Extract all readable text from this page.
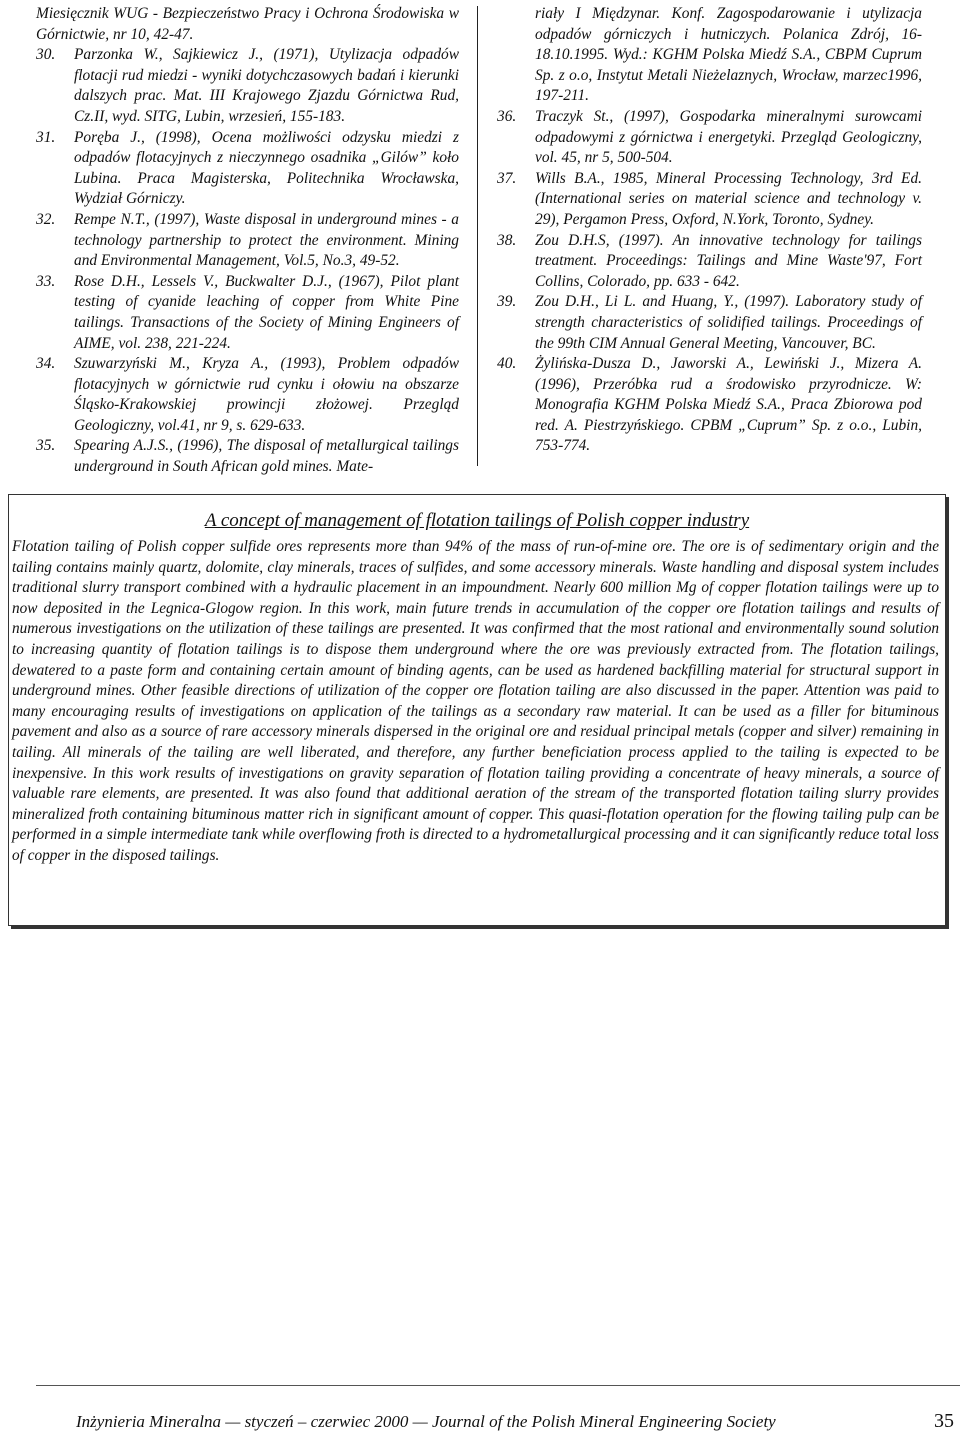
Miesięcznik WUG - Bezpieczeństwo Pracy i Ochrona Środowiska w Górnictwie, nr 10, 42-47.
30. Parzonka W., Sajkiewicz J., (1971), Utylizacja odpadów flotacji rud miedzi - wyniki dotychczasowych badań i kierunki dalszych prac. Mat. III Krajowego Zjazdu Górnictwa Rud, Cz.II, wyd. SITG, Lubin, wrzesień, 155-183.
31. Poręba J., (1998), Ocena możliwości odzysku miedzi z odpadów flotacyjnych z nieczynnego osadnika „Gilów” koło Lubina. Praca Magisterska, Politechnika Wrocławska, Wydział Górniczy.
32. Rempe N.T., (1997), Waste disposal in underground mines - a technology partnership to protect the environment. Mining and Environmental Management, Vol.5, No.3, 49-52.
33. Rose D.H., Lessels V., Buckwalter D.J., (1967), Pilot plant testing of cyanide leaching of copper from White Pine tailings. Transactions of the Society of Mining Engineers of AIME, vol. 238, 221-224.
34. Szuwarzyński M., Kryza A., (1993), Problem odpadów flotacyjnych w górnictwie rud cynku i ołowiu na obszarze Śląsko-Krakowskiej prowincji złożowej. Przegląd Geologiczny, vol.41, nr 9, s. 629-633.
35. Spearing A.J.S., (1996), The disposal of metallurgical tailings underground in South African gold mines. Mate-
riały I Międzynar. Konf. Zagospodarowanie i utylizacja odpadów górniczych i hutniczych. Polanica Zdrój, 16-18.10.1995. Wyd.: KGHM Polska Miedź S.A., CBPM Cuprum Sp. z o.o, Instytut Metali Nieżelaznych, Wrocław, marzec1996, 197-211.
36. Traczyk St., (1997), Gospodarka mineralnymi surowcami odpadowymi z górnictwa i energetyki. Przegląd Geologiczny, vol. 45, nr 5, 500-504.
37. Wills B.A., 1985, Mineral Processing Technology, 3rd Ed. (International series on material science and technology v. 29), Pergamon Press, Oxford, N.York, Toronto, Sydney.
38. Zou D.H.S, (1997). An innovative technology for tailings treatment. Proceedings: Tailings and Mine Waste'97, Fort Collins, Colorado, pp. 633 - 642.
39. Zou D.H., Li L. and Huang, Y., (1997). Laboratory study of strength characteristics of solidified tailings. Proceedings of the 99th CIM Annual General Meeting, Vancouver, BC.
40. Żylińska-Dusza D., Jaworski A., Lewiński J., Mizera A. (1996), Przeróbka rud a środowisko przyrodnicze. W: Monografia KGHM Polska Miedź S.A., Praca Zbiorowa pod red. A. Piestrzyńskiego. CPBM „Cuprum” Sp. z o.o., Lubin, 753-774.
A concept of management of flotation tailings of Polish copper industry
Flotation tailing of Polish copper sulfide ores represents more than 94% of the mass of run-of-mine ore. The ore is of sedimentary origin and the tailing contains mainly quartz, dolomite, clay minerals, traces of sulfides, and some accessory minerals. Waste handling and disposal system includes traditional slurry transport combined with a hydraulic placement in an impoundment. Nearly 600 million Mg of copper flotation tailings were up to now deposited in the Legnica-Glogow region. In this work, main future trends in accumulation of the copper ore flotation tailings and results of numerous investigations on the utilization of these tailings are presented. It was confirmed that the most rational and environmentally sound solution to increasing quantity of flotation tailings is to dispose them underground where the ore was previously extracted from. The flotation tailings, dewatered to a paste form and containing certain amount of binding agents, can be used as hardened backfilling material for structural support in underground mines. Other feasible directions of utilization of the copper ore flotation tailing are also discussed in the paper. Attention was paid to many encouraging results of investigations on application of the tailings as a secondary raw material. It can be used as a filler for bituminous pavement and also as a source of rare accessory minerals dispersed in the original ore and residual principal metals (copper and silver) remaining in tailing. All minerals of the tailing are well liberated, and therefore, any further beneficiation process applied to the tailing is expected to be inexpensive. In this work results of investigations on gravity separation of flotation tailing providing a concentrate of heavy minerals, a source of valuable rare elements, are presented. It was also found that additional aeration of the stream of the transported flotation tailing slurry provides mineralized froth containing bituminous matter rich in significant amount of copper. This quasi-flotation operation for the flowing tailing pulp can be performed in a simple intermediate tank while overflowing froth is directed to a hydrometallurgical processing and it can significantly reduce total loss of copper in the disposed tailings.
Inżynieria Mineralna — styczeń – czerwiec 2000 — Journal of the Polish Mineral Engineering Society	35
